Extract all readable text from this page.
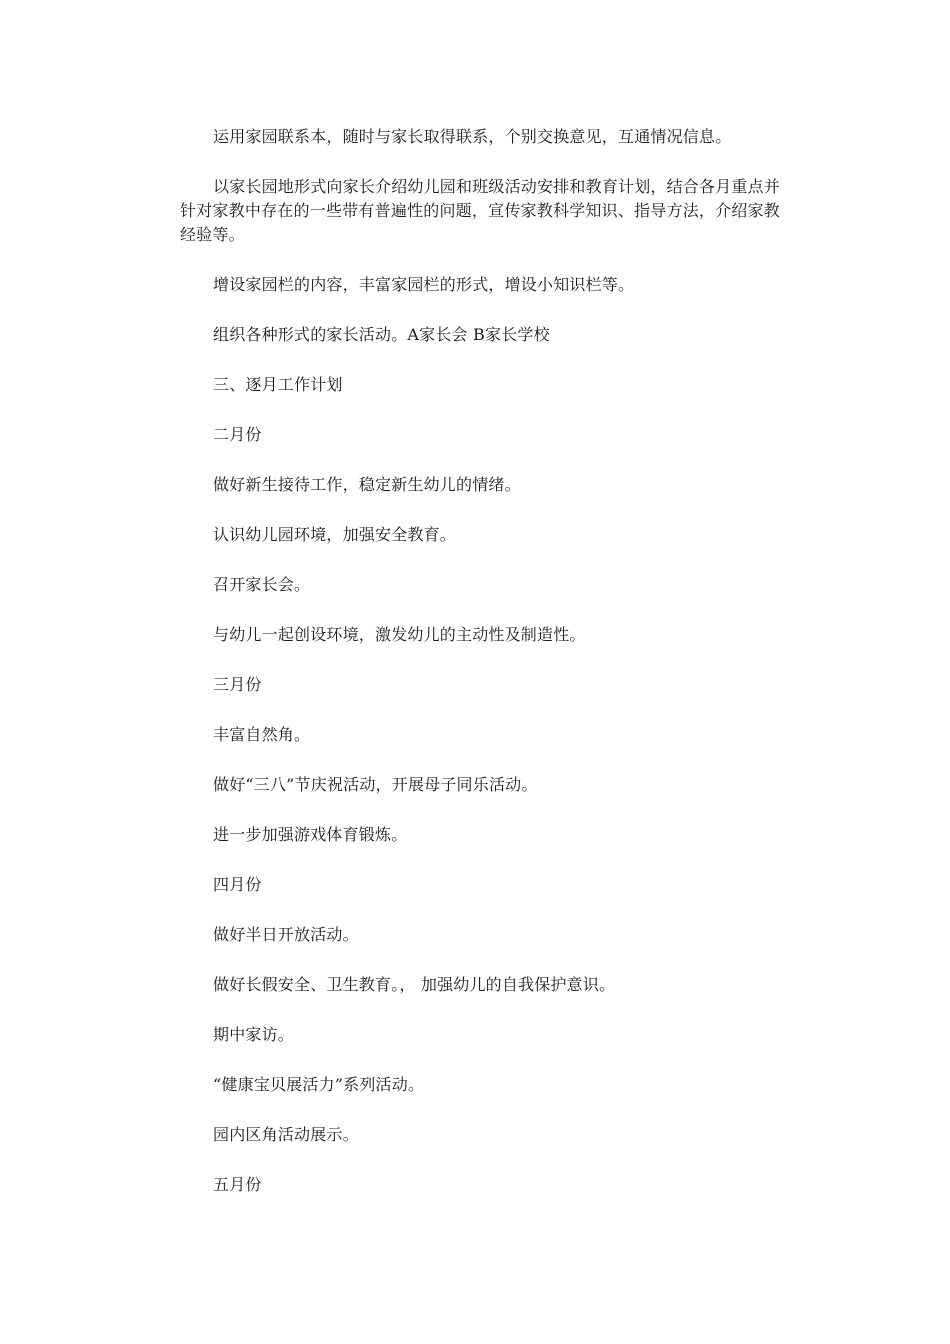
运用家园联系本，随时与家长取得联系，个别交换意见，互通情况信息。

以家长园地形式向家长介绍幼儿园和班级活动安排和教育计划，结合各月重点并针对家教中存在的一些带有普遍性的问题，宣传家教科学知识、指导方法，介绍家教经验等。

增设家园栏的内容，丰富家园栏的形式，增设小知识栏等。

组织各种形式的家长活动。A家长会 B家长学校

三、逐月工作计划

二月份

做好新生接待工作，稳定新生幼儿的情绪。

认识幼儿园环境，加强安全教育。

召开家长会。

与幼儿一起创设环境，激发幼儿的主动性及制造性。

三月份

丰富自然角。

做好“三八”节庆祝活动，开展母子同乐活动。

进一步加强游戏体育锻炼。

四月份

做好半日开放活动。

做好长假安全、卫生教育。， 加强幼儿的自我保护意识。

期中家访。

“健康宝贝展活力”系列活动。

园内区角活动展示。

五月份
